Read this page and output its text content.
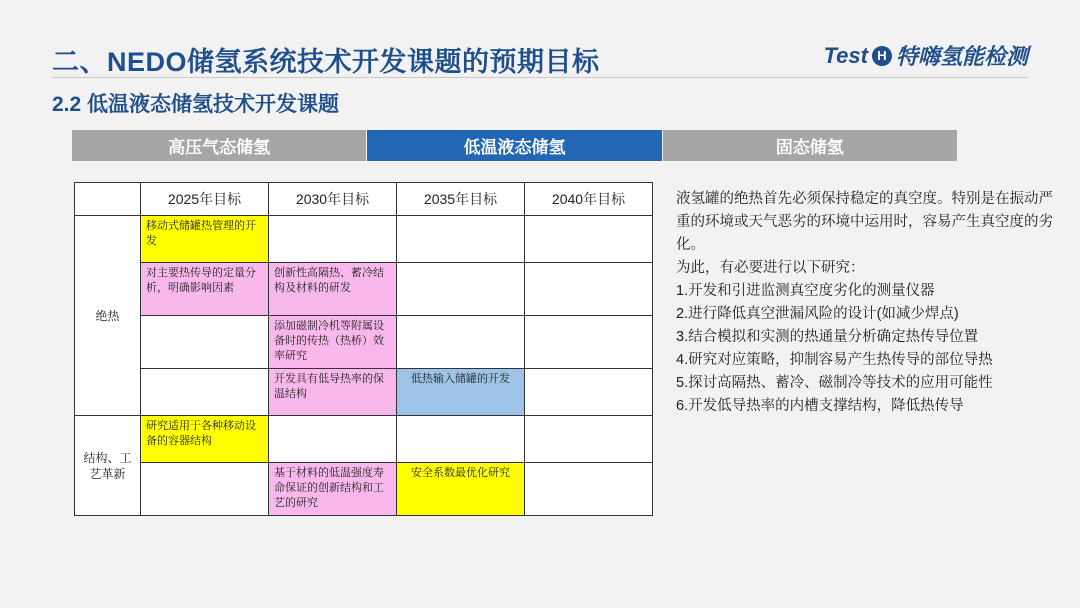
二、NEDO储氢系统技术开发课题的预期目标	Test H 特嗨氢能检测
2.2 低温液态储氢技术开发课题
高压气态储氢	低温液态储氢	固态储氢
	2025年目标	2030年目标	2035年目标	2040年目标
绝热	移动式储罐热管理的开发			
	对主要热传导的定量分析，明确影响因素	创新性高隔热、蓄冷结构及材料的研发		
		添加磁制冷机等附属设备时的传热（热桥）效率研究		
		开发具有低导热率的保温结构	低热输入储罐的开发	
结构、工艺革新	研究适用于各种移动设备的容器结构			
		基于材料的低温强度寿命保证的创新结构和工艺的研究	安全系数最优化研究	

液氢罐的绝热首先必须保持稳定的真空度。特别是在振动严重的环境或天气恶劣的环境中运用时，容易产生真空度的劣化。

为此，有必要进行以下研究：

1.开发和引进监测真空度劣化的测量仪器
2.进行降低真空泄漏风险的设计(如减少焊点)
3.结合模拟和实测的热通量分析确定热传导位置
4.研究对应策略，抑制容易产生热传导的部位导热
5.探讨高隔热、蓄冷、磁制冷等技术的应用可能性
6.开发低导热率的内槽支撑结构，降低热传导
